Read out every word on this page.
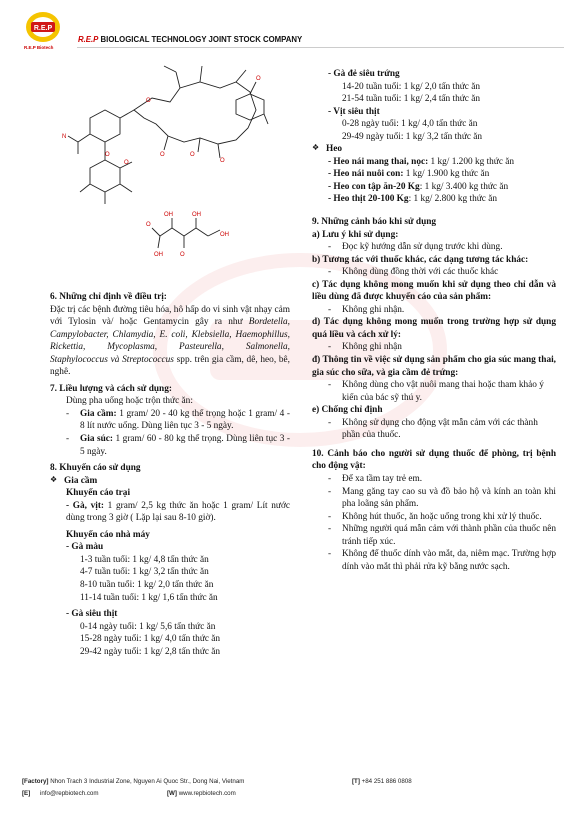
R.E.P
R.E.P Biotech
R.E.P BIOLOGICAL TECHNOLOGY JOINT STOCK COMPANY
N
O
O
O
O
O
O
O
OH	OH
O
O
OH
OH
6. Những chỉ định về điều trị:

Đặc trị các bệnh đường tiêu hóa, hô hấp do vi sinh vật nhạy cảm với Tylosin và/ hoặc Gentamycin gây ra như Bordetella, Campylobacter, Chlamydia, E. coli, Klebsiella, Haemophillus, Rickettia, Mycoplasma, Pasteurella, Salmonella, Staphylococcus và Streptococcus spp. trên gia cầm, dê, heo, bê, nghê.

7. Liều lượng và cách sử dụng:
Dùng pha uống hoặc trộn thức ăn:
-	Gia cầm: 1 gram/ 20 - 40 kg thể trọng hoặc 1 gram/ 4 - 8 lít nước uống. Dùng liên tục 3 - 5 ngày.
-	Gia súc: 1 gram/ 60 - 80 kg thể trọng. Dùng liên tục 3 - 5 ngày.
8. Khuyến cáo sử dụng
❖ Gia cầm
Khuyến cáo trại
- Gà, vịt: 1 gram/ 2,5 kg thức ăn hoặc 1 gram/ Lít nước dùng trong 3 giờ ( Lặp lại sau 8-10 giờ).
Khuyến cáo nhà máy
- Gà màu
1-3 tuần tuổi: 1 kg/ 4,8 tấn thức ăn
4-7 tuần tuổi: 1 kg/ 3,2 tấn thức ăn
8-10 tuần tuổi: 1 kg/ 2,0 tấn thức ăn
11-14 tuần tuổi: 1 kg/ 1,6 tấn thức ăn
- Gà siêu thịt
0-14 ngày tuổi: 1 kg/ 5,6 tấn thức ăn
15-28 ngày tuổi: 1 kg/ 4,0 tấn thức ăn
29-42 ngày tuổi: 1 kg/ 2,8 tấn thức ăn
- Gà đẻ siêu trứng
14-20 tuần tuổi: 1 kg/ 2,0 tấn thức ăn
21-54 tuần tuổi: 1 kg/ 2,4 tấn thức ăn
- Vịt siêu thịt
0-28 ngày tuổi: 1 kg/ 4,0 tấn thức ăn
29-49 ngày tuổi: 1 kg/ 3,2 tấn thức ăn
❖ Heo
- Heo nái mang thai, nọc: 1 kg/ 1.200 kg thức ăn
- Heo nái nuôi con: 1 kg/ 1.900 kg thức ăn
- Heo con tập ăn-20 Kg: 1 kg/ 3.400 kg thức ăn
- Heo thịt 20-100 Kg: 1 kg/ 2.800 kg thức ăn
9. Những cảnh báo khi sử dụng
a) Lưu ý khi sử dụng:
-	Đọc kỹ hướng dẫn sử dụng trước khi dùng.
b) Tương tác với thuốc khác, các dạng tương tác khác:
-	Không dùng đồng thời với các thuốc khác
c) Tác dụng không mong muốn khi sử dụng theo chỉ dẫn và liều dùng đã được khuyến cáo của sản phẩm:
-	Không ghi nhận.
d) Tác dụng không mong muốn trong trường hợp sử dụng quá liều và cách xử lý:
-	Không ghi nhận
đ) Thông tin về việc sử dụng sản phẩm cho gia súc mang thai, gia súc cho sữa, và gia cầm đẻ trứng:
-	Không dùng cho vật nuôi mang thai hoặc tham khảo ý kiến của bác sỹ thú y.
e) Chống chỉ định
-	Không sử dụng cho động vật mẫn cảm với các thành phần của thuốc.
10. Cảnh báo cho người sử dụng thuốc để phòng, trị bệnh cho động vật:
-	Để xa tầm tay trẻ em.
-	Mang găng tay cao su và đồ bảo hộ và kính an toàn khi pha loãng sản phẩm.
-	Không hút thuốc, ăn hoặc uống trong khi xử lý thuốc.
-	Những người quá mẫn cảm với thành phần của thuốc nên tránh tiếp xúc.
-	Không để thuốc dính vào mắt, da, niêm mạc. Trường hợp dính vào mắt thì phải rửa kỹ bằng nước sạch.
[Factory] Nhon Trach 3 Industrial Zone, Nguyen Ai Quoc Str., Dong Nai, Vietnam	[T] +84 251 886 0808
[E] info@repbiotech.com	[W] www.repbiotech.com
